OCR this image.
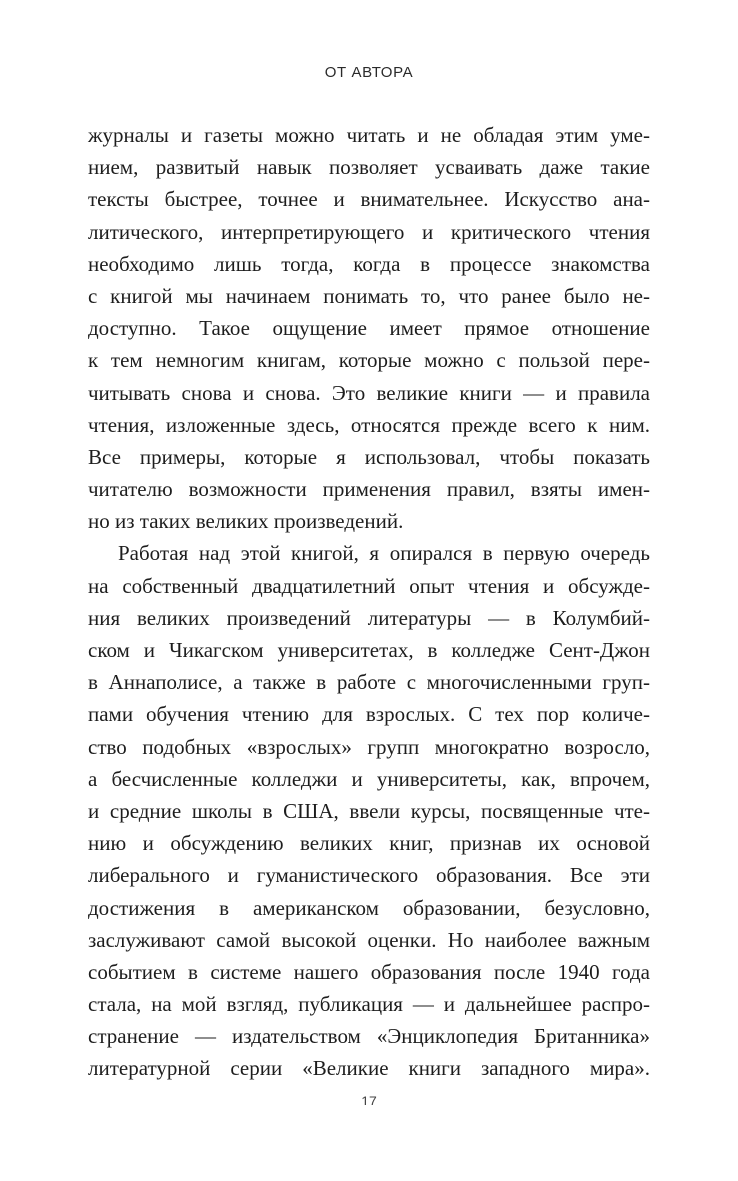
ОТ АВТОРА
журналы и газеты можно читать и не обладая этим уме-
нием, развитый навык позволяет усваивать даже такие
тексты быстрее, точнее и внимательнее. Искусство ана-
литического, интерпретирующего и критического чтения
необходимо лишь тогда, когда в процессе знакомства
с книгой мы начинаем понимать то, что ранее было не-
доступно. Такое ощущение имеет прямое отношение
к тем немногим книгам, которые можно с пользой пере-
читывать снова и снова. Это великие книги — и правила
чтения, изложенные здесь, относятся прежде всего к ним.
Все примеры, которые я использовал, чтобы показать
читателю возможности применения правил, взяты имен-
но из таких великих произведений.
Работая над этой книгой, я опирался в первую очередь
на собственный двадцатилетний опыт чтения и обсужде-
ния великих произведений литературы — в Колумбий-
ском и Чикагском университетах, в колледже Сент-Джон
в Аннаполисе, а также в работе с многочисленными груп-
пами обучения чтению для взрослых. С тех пор количе-
ство подобных «взрослых» групп многократно возросло,
а бесчисленные колледжи и университеты, как, впрочем,
и средние школы в США, ввели курсы, посвященные чте-
нию и обсуждению великих книг, признав их основой
либерального и гуманистического образования. Все эти
достижения в американском образовании, безусловно,
заслуживают самой высокой оценки. Но наиболее важным
событием в системе нашего образования после 1940 года
стала, на мой взгляд, публикация — и дальнейшее распро-
странение — издательством «Энциклопедия Британника»
литературной серии «Великие книги западного мира».
17
